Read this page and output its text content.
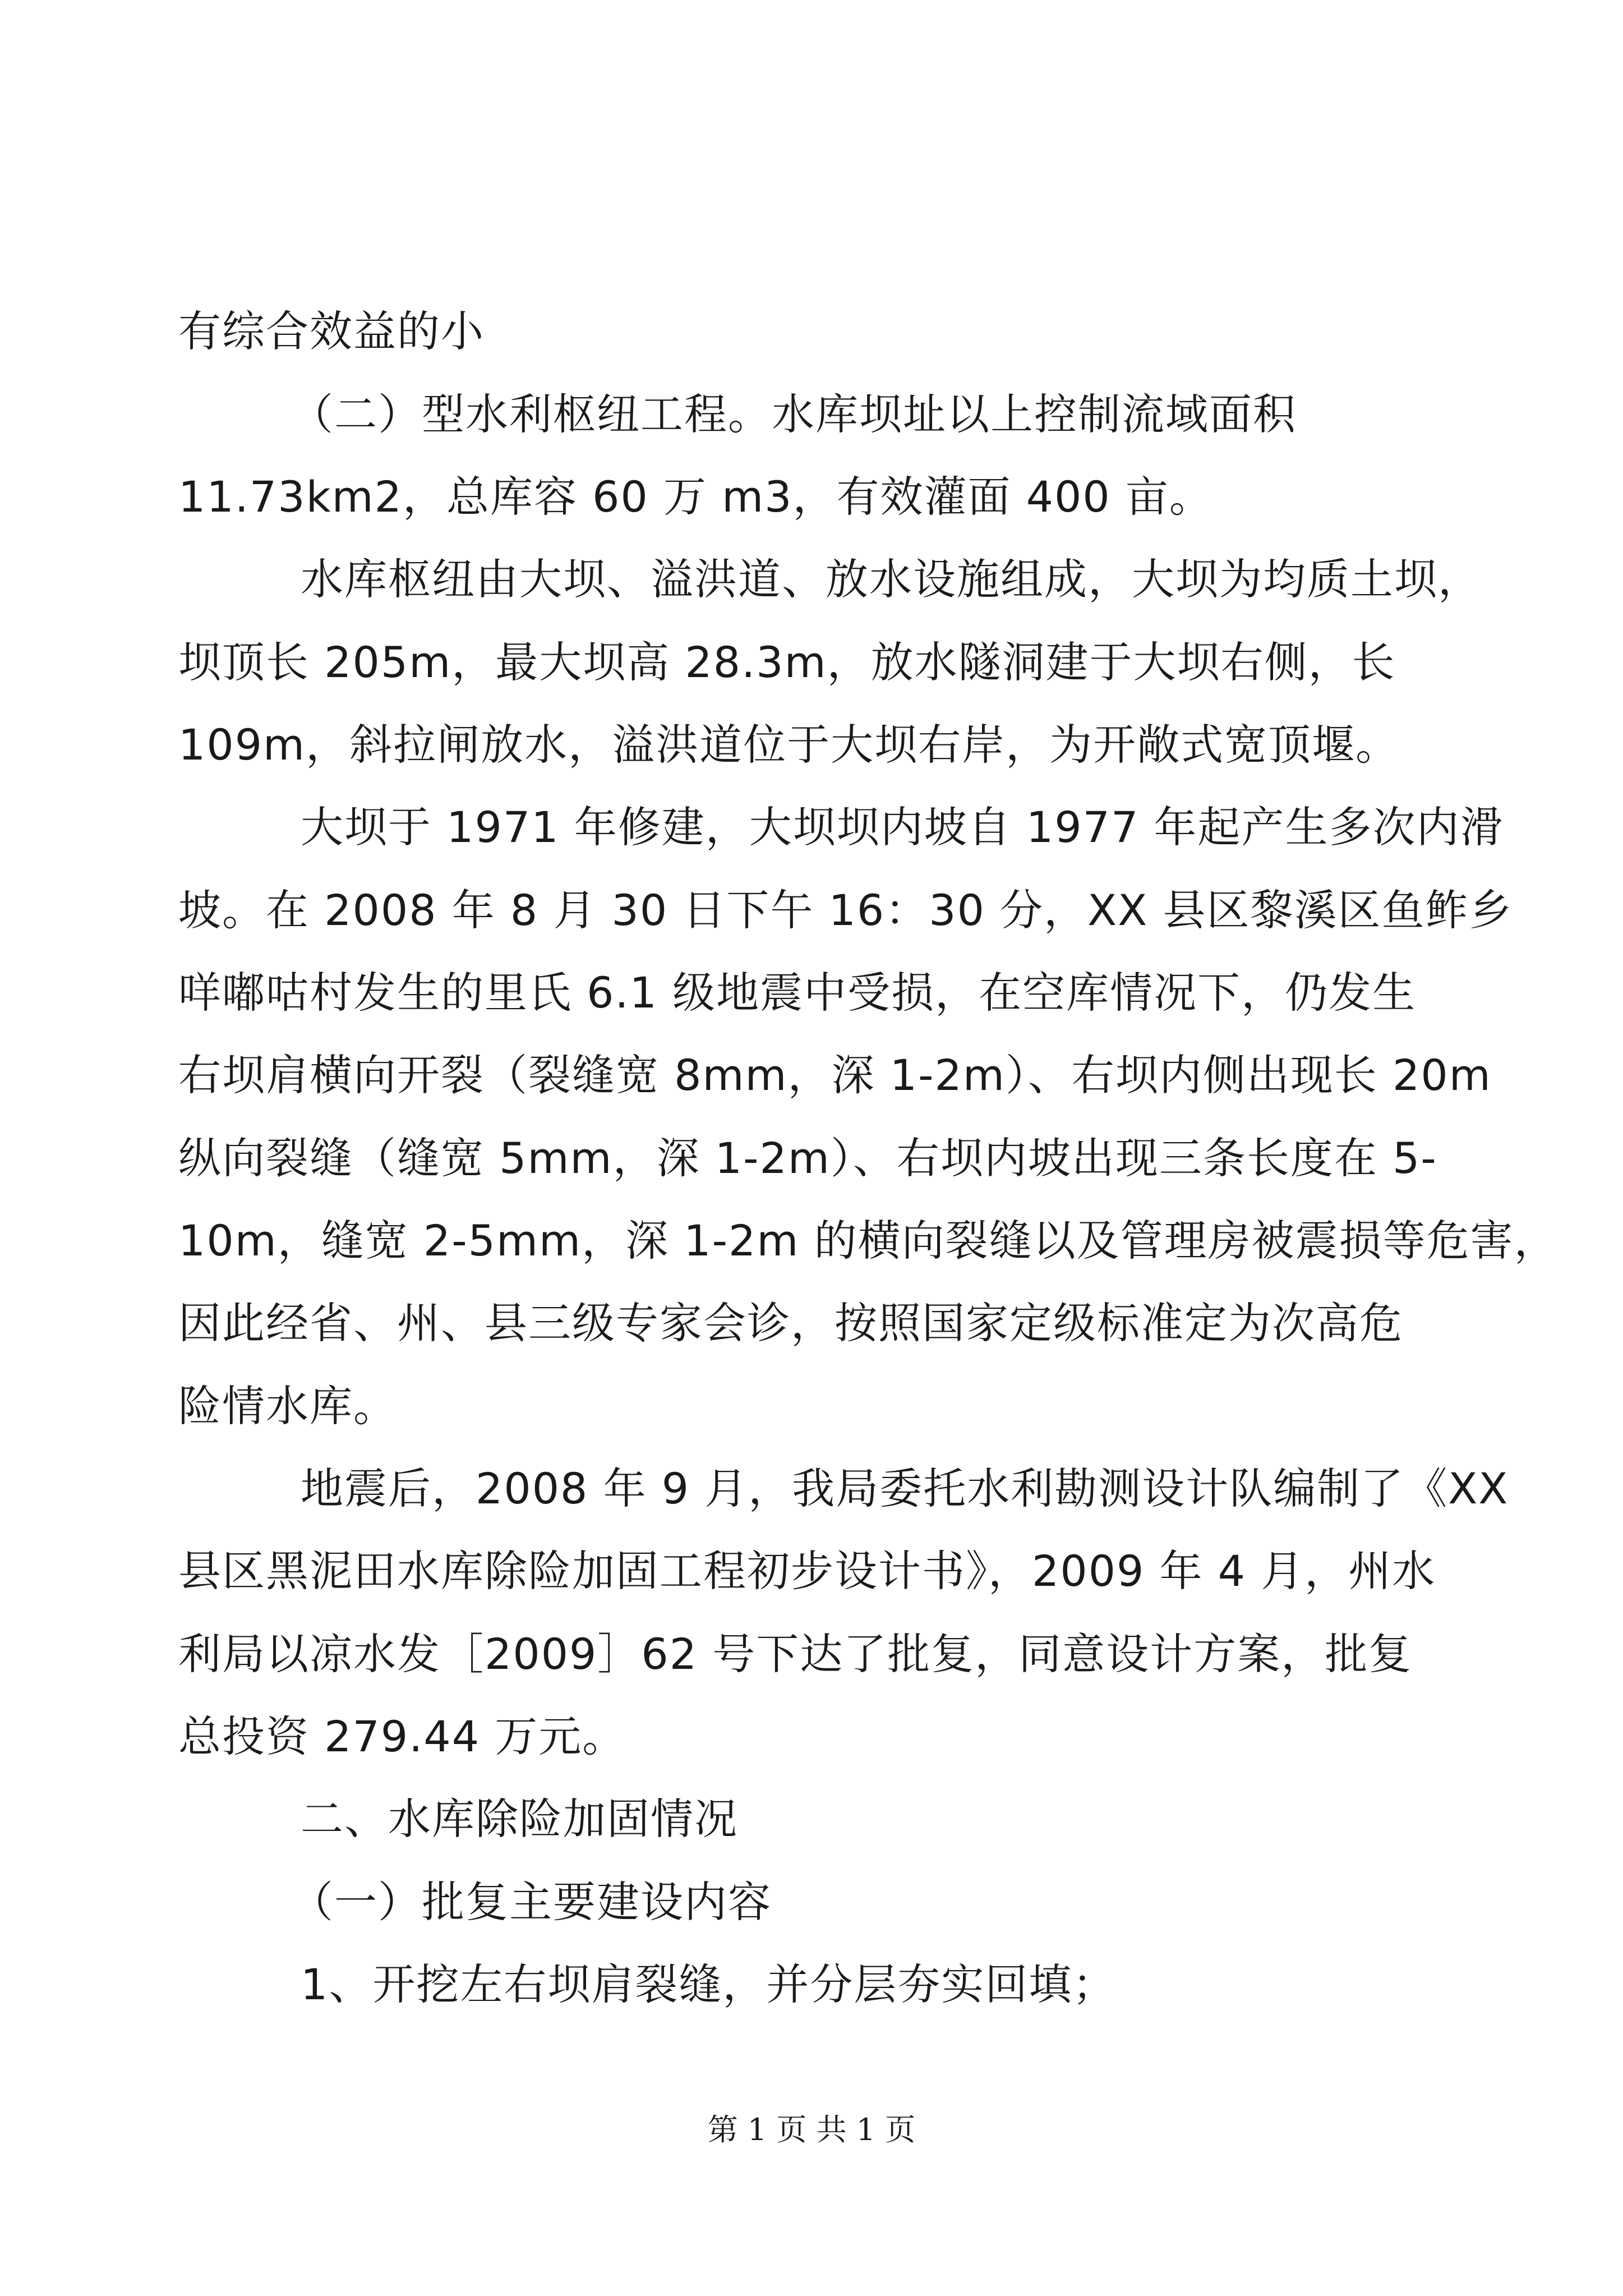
有综合效益的小
（二）型水利枢纽工程。水库坝址以上控制流域面积
11.73km2，总库容 60 万 m3，有效灌面 400 亩。
水库枢纽由大坝、溢洪道、放水设施组成，大坝为均质土坝，
坝顶长 205m，最大坝高 28.3m，放水隧洞建于大坝右侧，长
109m，斜拉闸放水，溢洪道位于大坝右岸，为开敞式宽顶堰。
大坝于 1971 年修建，大坝坝内坡自 1977 年起产生多次内滑
坡。在 2008 年 8 月 30 日下午 16：30 分，XX 县区黎溪区鱼鲊乡
咩嘟咕村发生的里氏 6.1 级地震中受损，在空库情况下，仍发生
右坝肩横向开裂（裂缝宽 8mm，深 1-2m）、右坝内侧出现长 20m
纵向裂缝（缝宽 5mm，深 1-2m）、右坝内坡出现三条长度在 5-
10m，缝宽 2-5mm，深 1-2m 的横向裂缝以及管理房被震损等危害，
因此经省、州、县三级专家会诊，按照国家定级标准定为次高危
险情水库。
地震后，2008 年 9 月，我局委托水利勘测设计队编制了《XX
县区黑泥田水库除险加固工程初步设计书》，2009 年 4 月，州水
利局以凉水发［2009］62 号下达了批复，同意设计方案，批复
总投资 279.44 万元。
二、水库除险加固情况
（一）批复主要建设内容
1、开挖左右坝肩裂缝，并分层夯实回填；
第 1 页 共 1 页
